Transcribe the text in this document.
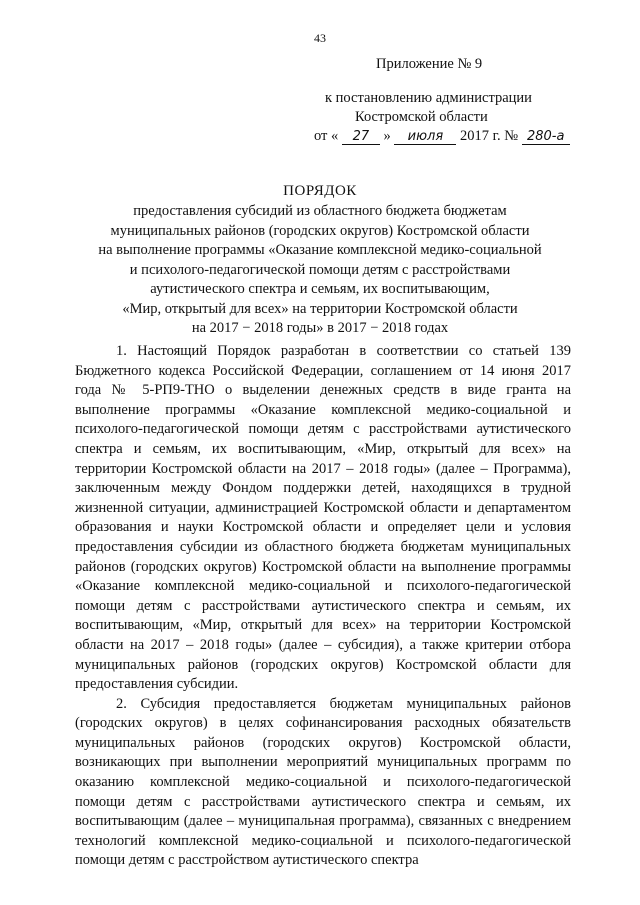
43
Приложение № 9
к постановлению администрации
Костромской области
от « 27 » июля 2017 г. № 280-а
ПОРЯДОК
предоставления субсидий из областного бюджета бюджетам
муниципальных районов (городских округов) Костромской области
на выполнение программы «Оказание комплексной медико-социальной
и психолого-педагогической помощи детям с расстройствами
аутистического спектра и семьям, их воспитывающим,
«Мир, открытый для всех» на территории Костромской области
на 2017 − 2018 годы» в 2017 − 2018 годах

1. Настоящий Порядок разработан в соответствии со статьей 139 Бюджетного кодекса Российской Федерации, соглашением от 14 июня 2017 года № 5-РП9-ТНО о выделении денежных средств в виде гранта на выполнение программы «Оказание комплексной медико-социальной и психолого-педагогической помощи детям с расстройствами аутистического спектра и семьям, их воспитывающим, «Мир, открытый для всех» на территории Костромской области на 2017 – 2018 годы» (далее – Программа), заключенным между Фондом поддержки детей, находящихся в трудной жизненной ситуации, администрацией Костромской области и департаментом образования и науки Костромской области и определяет цели и условия предоставления субсидии из областного бюджета бюджетам муниципальных районов (городских округов) Костромской области на выполнение программы «Оказание комплексной медико-социальной и психолого-педагогической помощи детям с расстройствами аутистического спектра и семьям, их воспитывающим, «Мир, открытый для всех» на территории Костромской области на 2017 – 2018 годы» (далее – субсидия), а также критерии отбора муниципальных районов (городских округов) Костромской области для предоставления субсидии.

2. Субсидия предоставляется бюджетам муниципальных районов (городских округов) в целях софинансирования расходных обязательств муниципальных районов (городских округов) Костромской области, возникающих при выполнении мероприятий муниципальных программ по оказанию комплексной медико-социальной и психолого-педагогической помощи детям с расстройствами аутистического спектра и семьям, их воспитывающим (далее – муниципальная программа), связанных с внедрением технологий комплексной медико-социальной и психолого-педагогической помощи детям с расстройством аутистического спектра
